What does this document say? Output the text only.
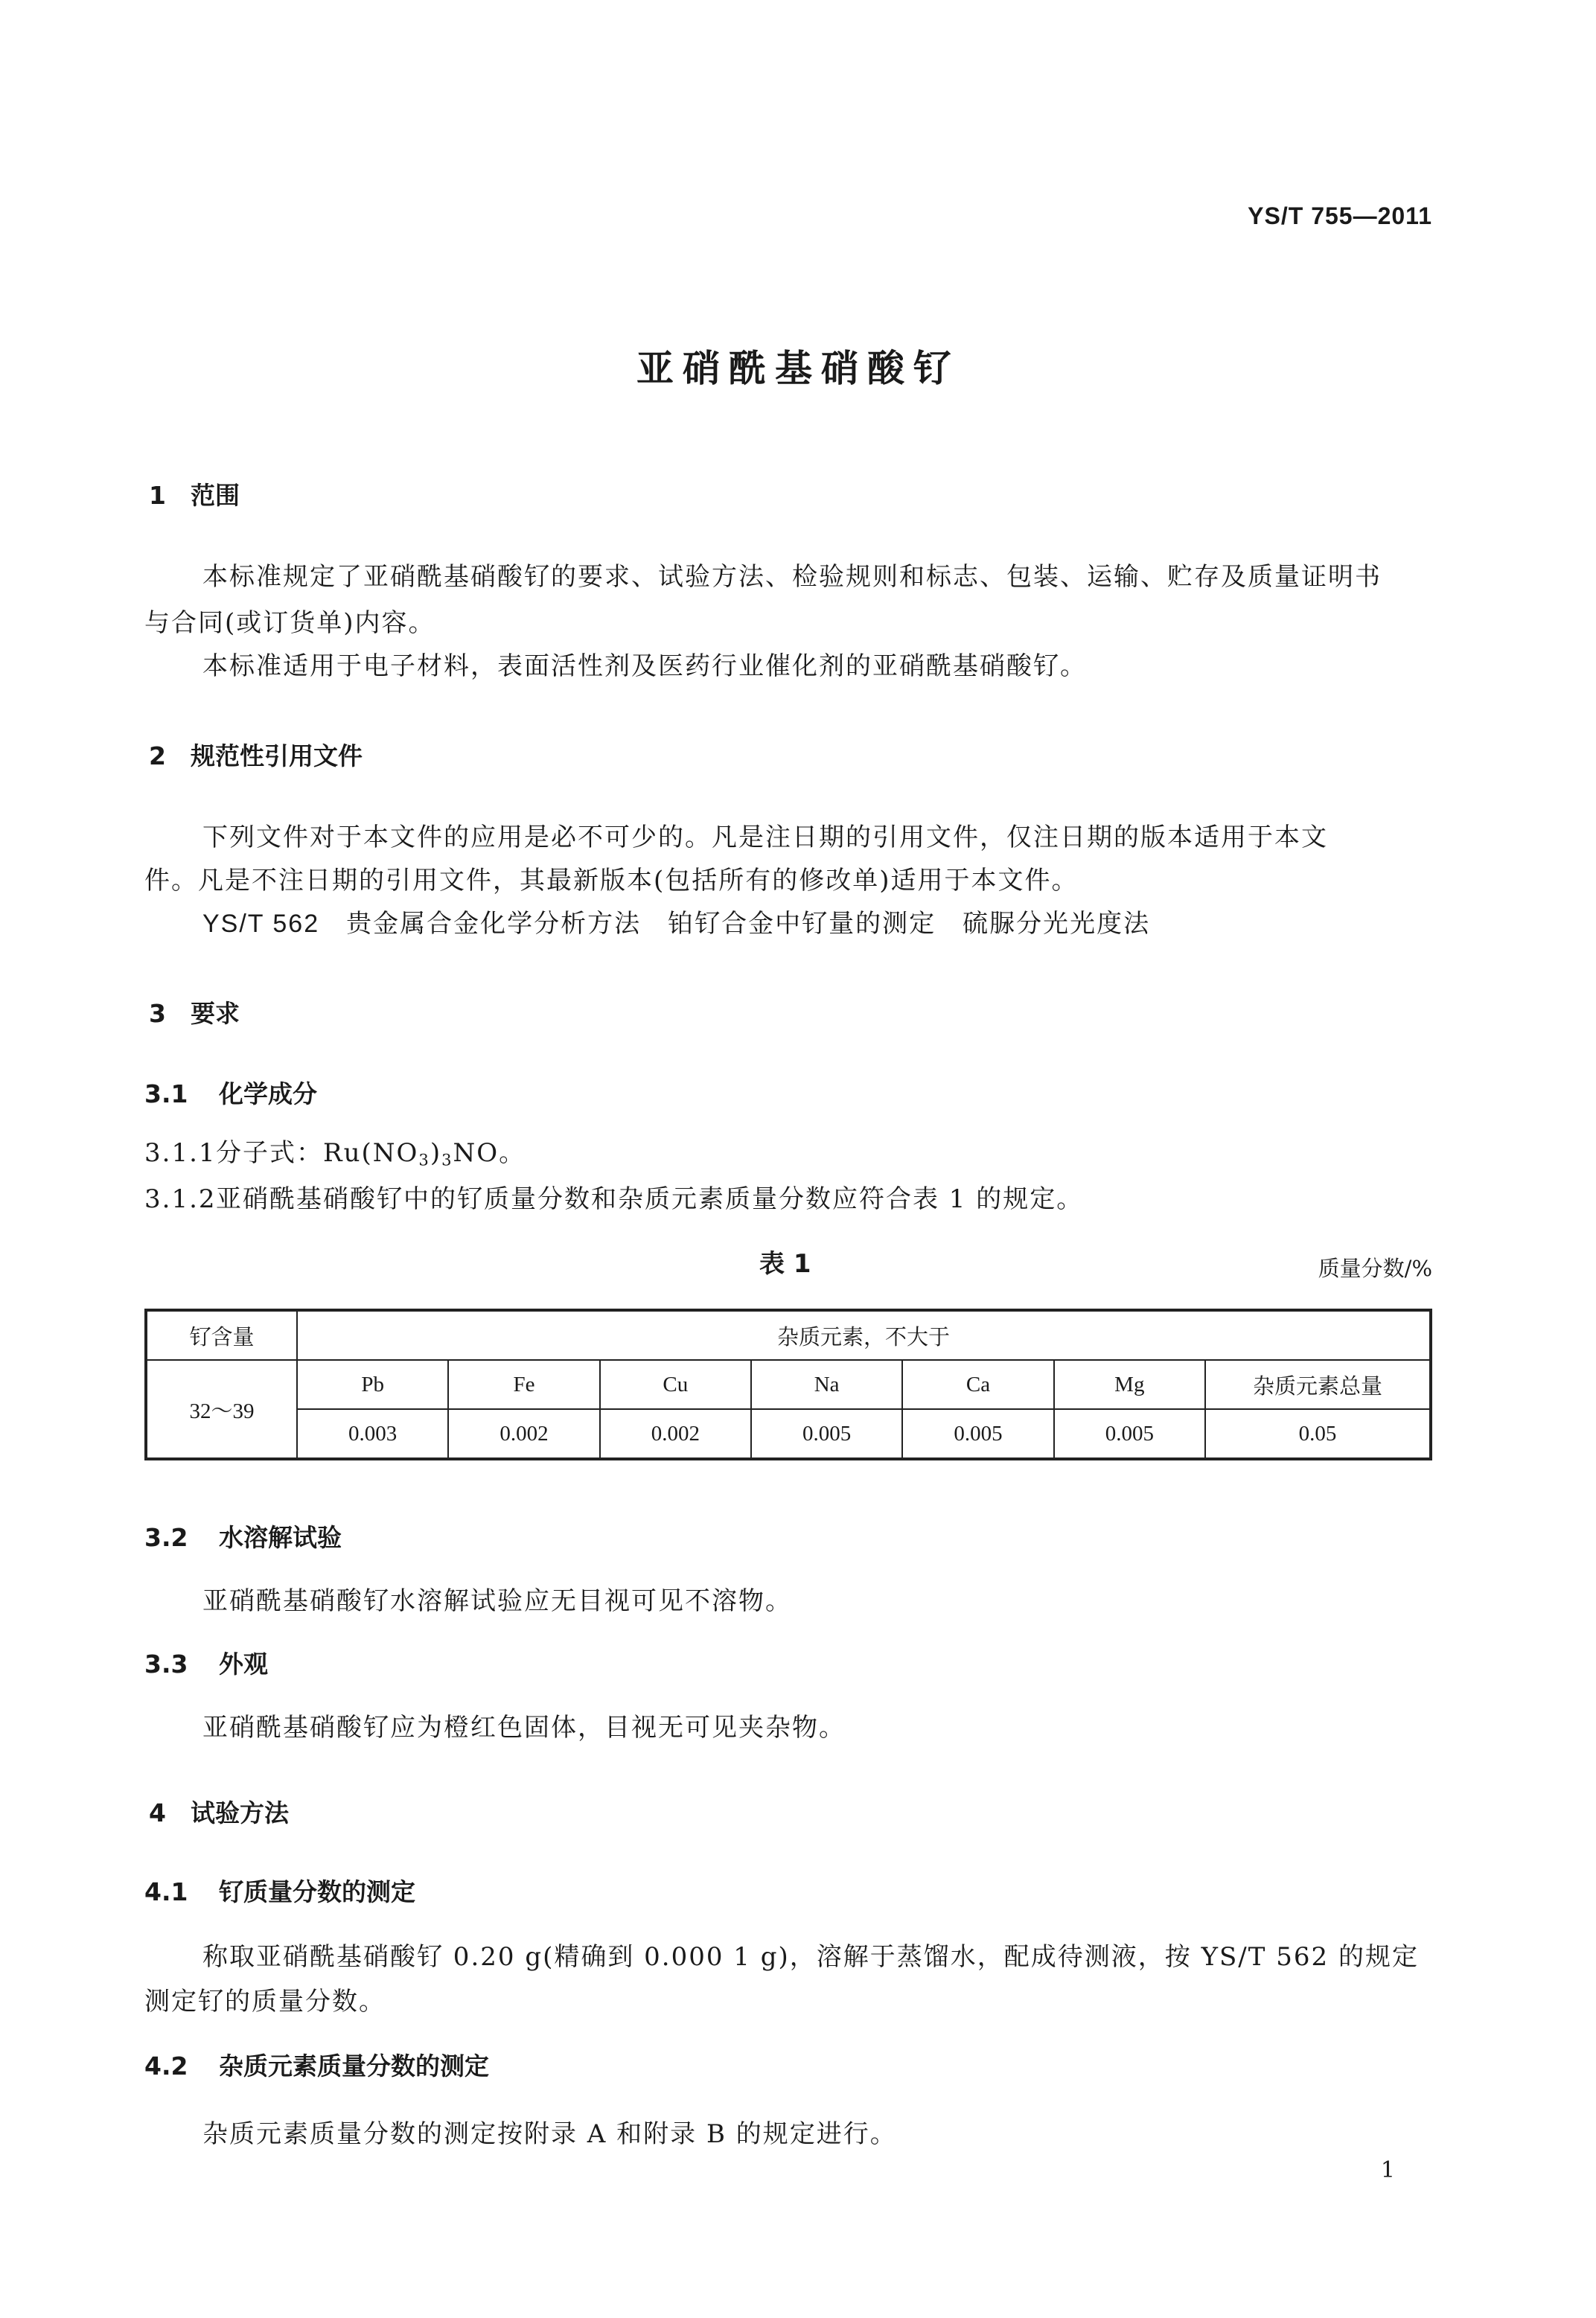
YS/T 755—2011
亚硝酰基硝酸钌
1 范围
本标准规定了亚硝酰基硝酸钌的要求、试验方法、检验规则和标志、包装、运输、贮存及质量证明书
与合同(或订货单)内容。
本标准适用于电子材料，表面活性剂及医药行业催化剂的亚硝酰基硝酸钌。
2 规范性引用文件
下列文件对于本文件的应用是必不可少的。凡是注日期的引用文件，仅注日期的版本适用于本文
件。凡是不注日期的引用文件，其最新版本(包括所有的修改单)适用于本文件。
YS/T 562　 贵金属合金化学分析方法　铂钌合金中钌量的测定　硫脲分光光度法
3 要求
3.1 化学成分
3.1.1分子式：$Ru(NO_3)_3NO$。
3.1.2亚硝酰基硝酸钌中的钌质量分数和杂质元素质量分数应符合表 1 的规定。
表 1	质量分数/%
钌含量	杂质元素，不大于						
32～39	Pb	Fe	Cu	Na	Ca	Mg	杂质元素总量
	0.003	0.002	0.002	0.005	0.005	0.005	0.05
3.2 水溶解试验
亚硝酰基硝酸钌水溶解试验应无目视可见不溶物。
3.3 外观
亚硝酰基硝酸钌应为橙红色固体，目视无可见夹杂物。
4 试验方法
4.1 钌质量分数的测定
称取亚硝酰基硝酸钌 0.20 g(精确到 0.000 1 g)，溶解于蒸馏水，配成待测液，按 YS/T 562 的规定
测定钌的质量分数。
4.2 杂质元素质量分数的测定
杂质元素质量分数的测定按附录 A 和附录 B 的规定进行。
1
